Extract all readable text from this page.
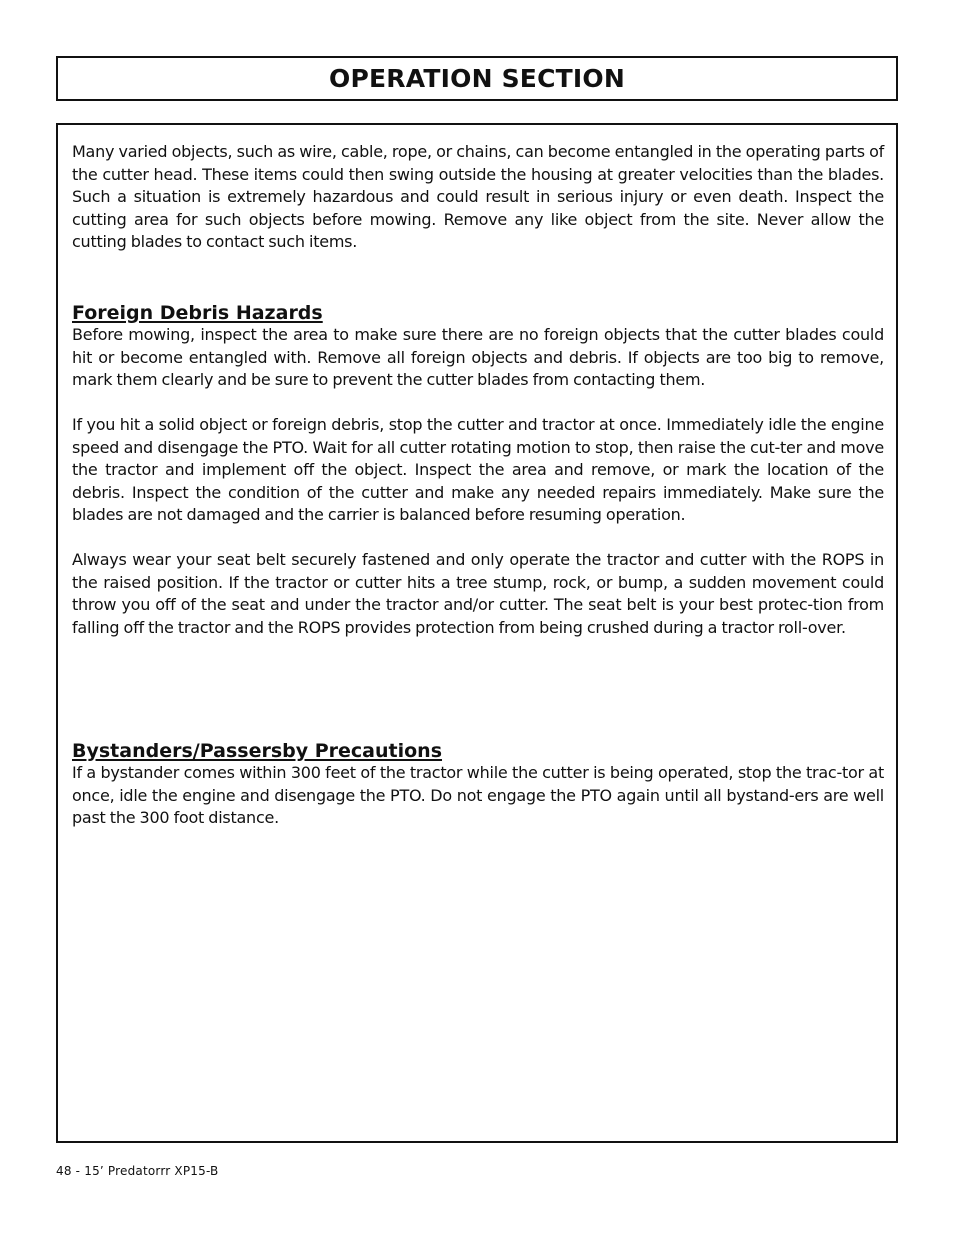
OPERATION SECTION

Many varied objects, such as wire, cable, rope, or chains, can become entangled in the operating parts of the cutter head. These items could then swing outside the housing at greater velocities than the blades. Such a situation is extremely hazardous and could result in serious injury or even death. Inspect the cutting area for such objects before mowing. Remove any like object from the site. Never allow the cutting blades to contact such items.

Foreign Debris Hazards

Before mowing, inspect the area to make sure there are no foreign objects that the cutter blades could hit or become entangled with. Remove all foreign objects and debris. If objects are too big to remove, mark them clearly and be sure to prevent the cutter blades from contacting them.

If you hit a solid object or foreign debris, stop the cutter and tractor at once. Immediately idle the engine speed and disengage the PTO. Wait for all cutter rotating motion to stop, then raise the cut-ter and move the tractor and implement off the object. Inspect the area and remove, or mark the location of the debris. Inspect the condition of the cutter and make any needed repairs immediately. Make sure the blades are not damaged and the carrier is balanced before resuming operation.

Always wear your seat belt securely fastened and only operate the tractor and cutter with the ROPS in the raised position. If the tractor or cutter hits a tree stump, rock, or bump, a sudden movement could throw you off of the seat and under the tractor and/or cutter. The seat belt is your best protec-tion from falling off the tractor and the ROPS provides protection from being crushed during a tractor roll-over.

Bystanders/Passersby Precautions

If a bystander comes within 300 feet of the tractor while the cutter is being operated, stop the trac-tor at once, idle the engine and disengage the PTO. Do not engage the PTO again until all bystand-ers are well past the 300 foot distance.

48 - 15’ Predatorrr XP15-B
